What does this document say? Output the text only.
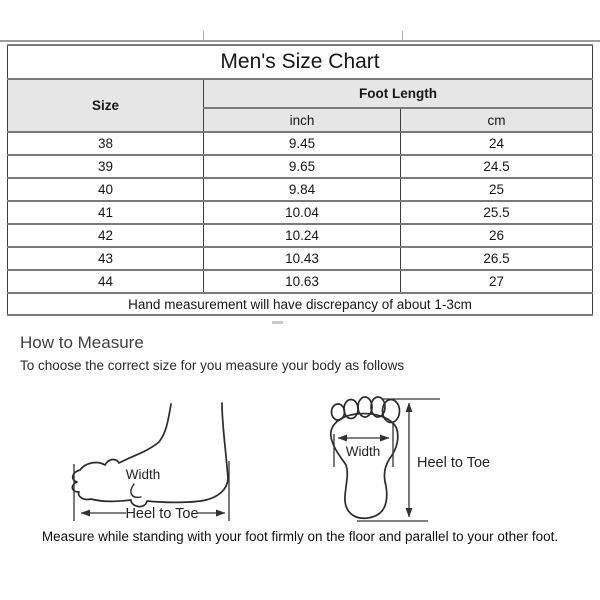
Men's Size Chart		
Size	Foot Length	
	inch	cm
38	9.45	24
39	9.65	24.5
40	9.84	25
41	10.04	25.5
42	10.24	26
43	10.43	26.5
44	10.63	27
Hand measurement will have discrepancy of about 1-3cm		
How to Measure
To choose the correct size for you measure your body as follows
Width
Heel to Toe
Width
Heel to Toe
Measure while standing with your foot firmly on the floor and parallel to your other foot.
